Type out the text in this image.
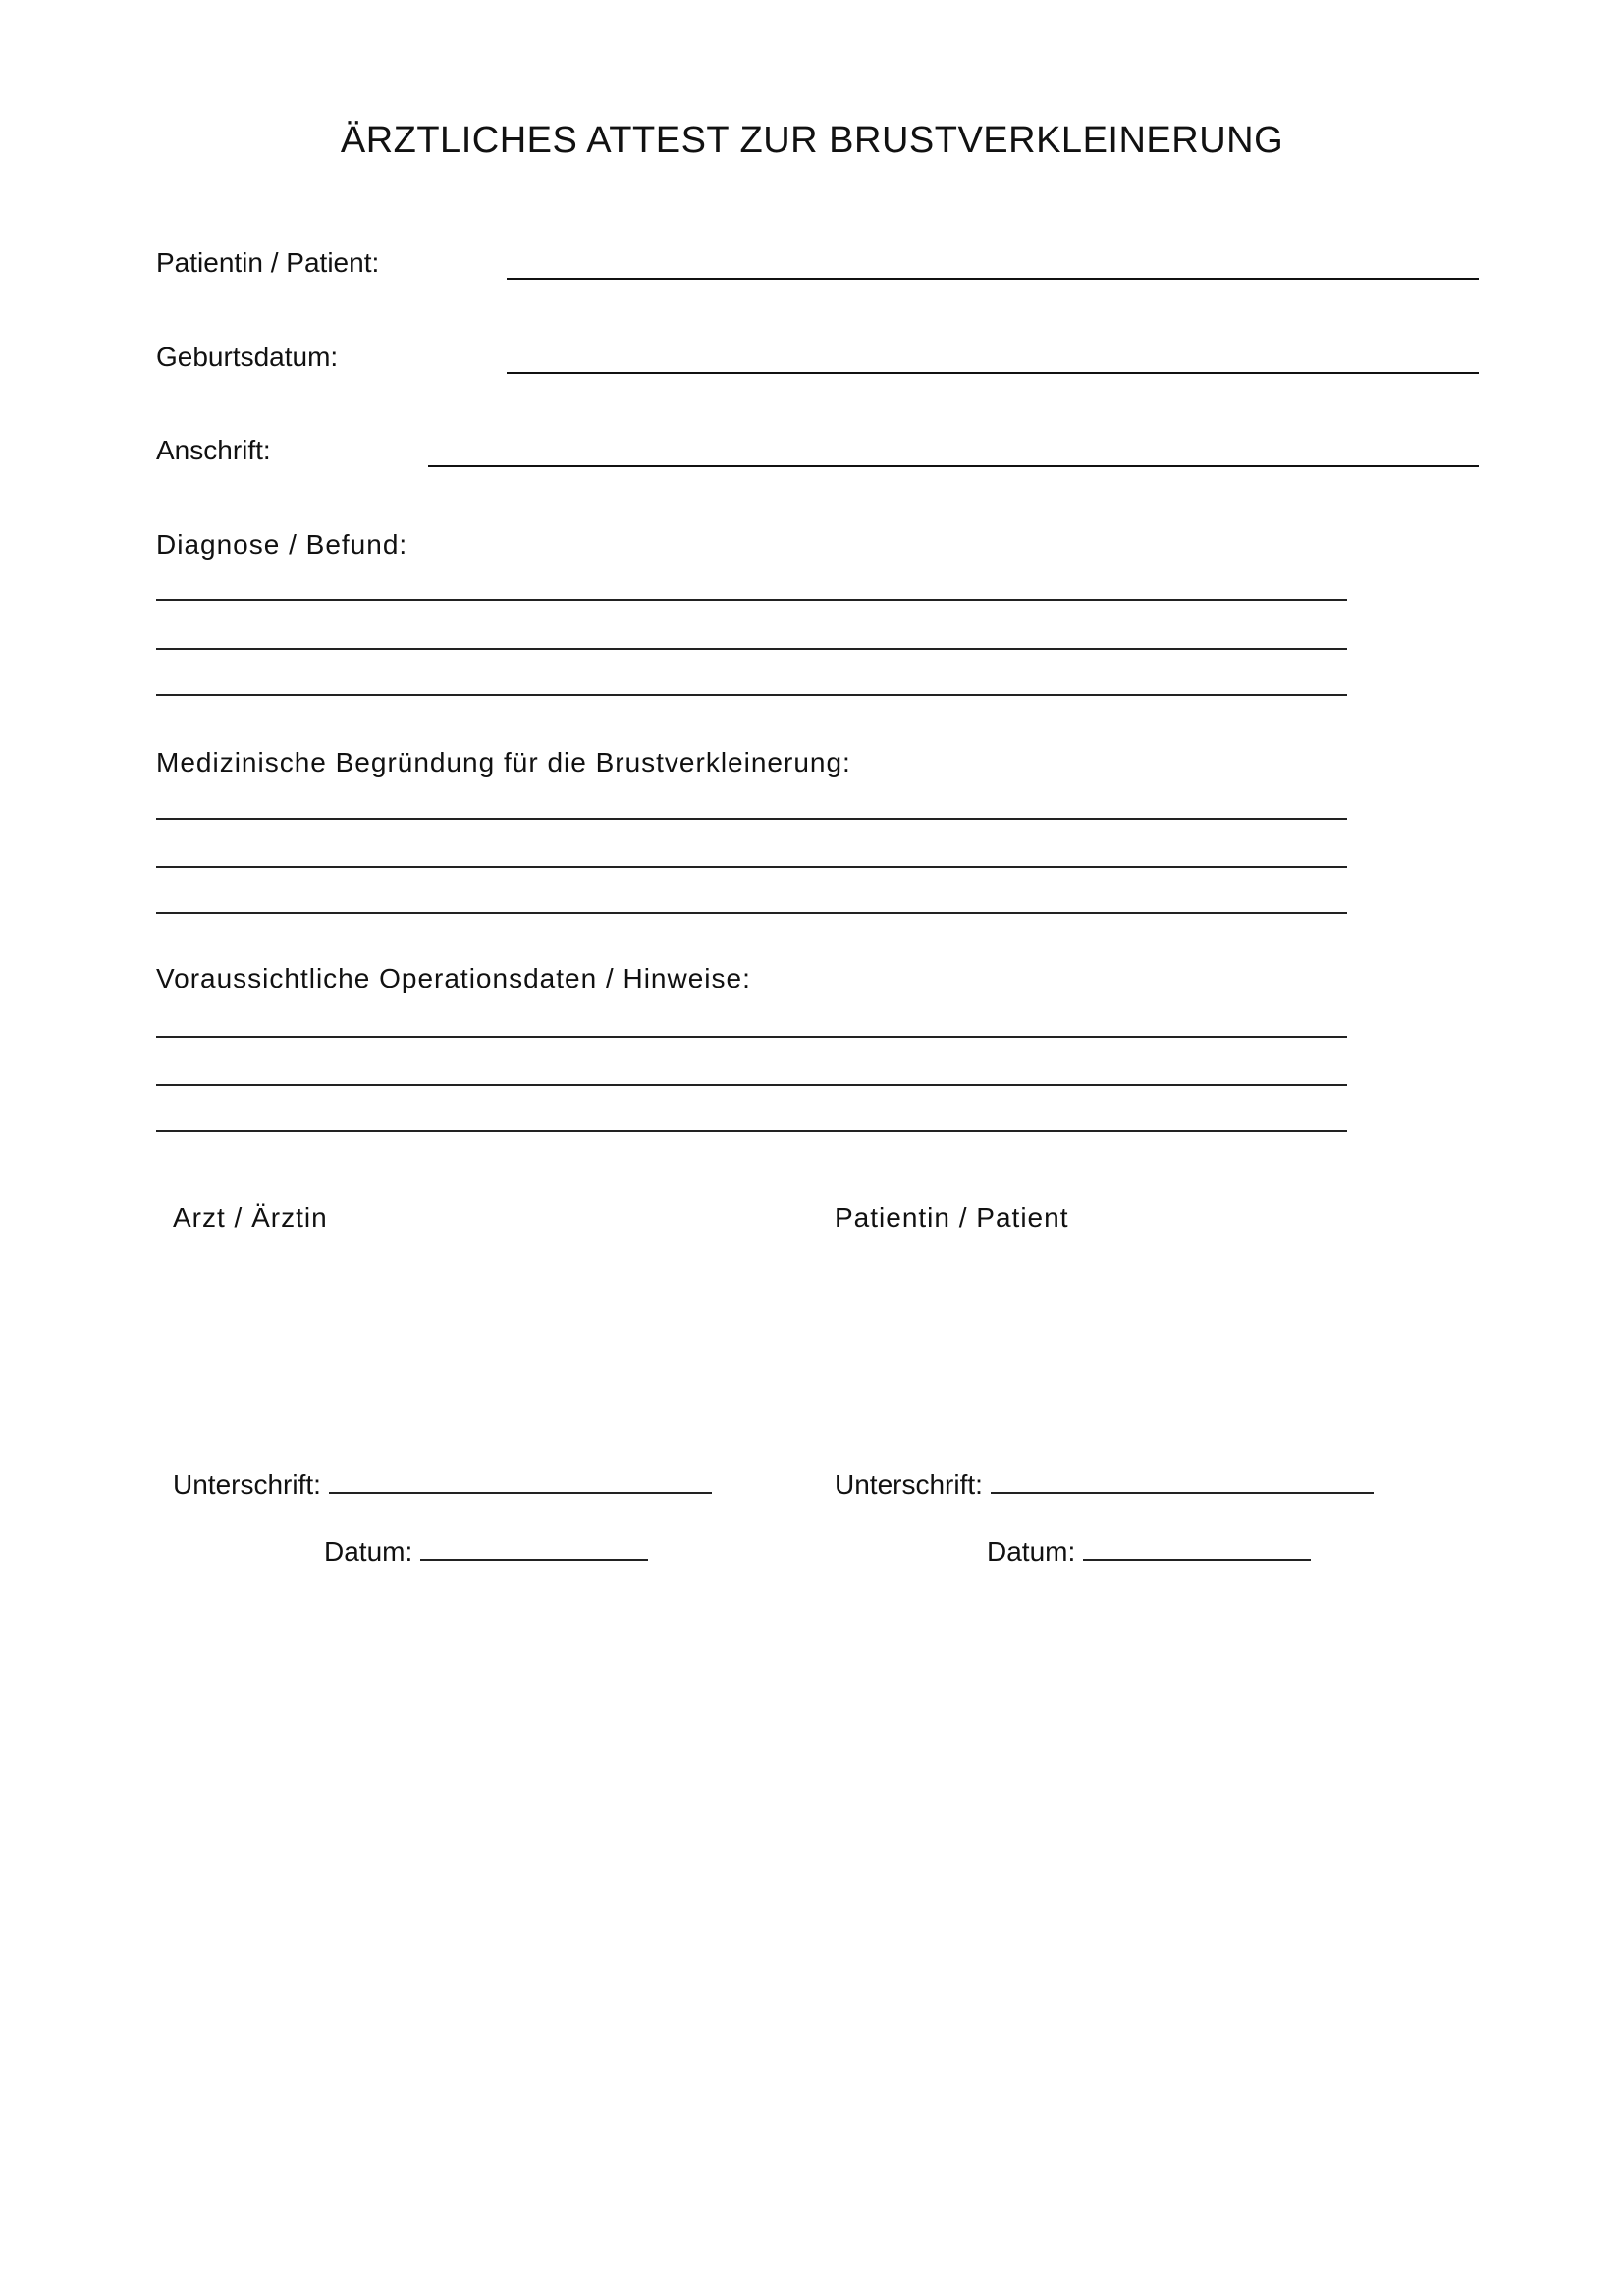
ÄRZTLICHES ATTEST ZUR BRUSTVERKLEINERUNG
Patientin / Patient:
Geburtsdatum:
Anschrift:
Diagnose / Befund:
Medizinische Begründung für die Brustverkleinerung:
Voraussichtliche Operationsdaten / Hinweise:
Arzt / Ärztin
Unterschrift:
Datum:
Patientin / Patient
Unterschrift:
Datum:
